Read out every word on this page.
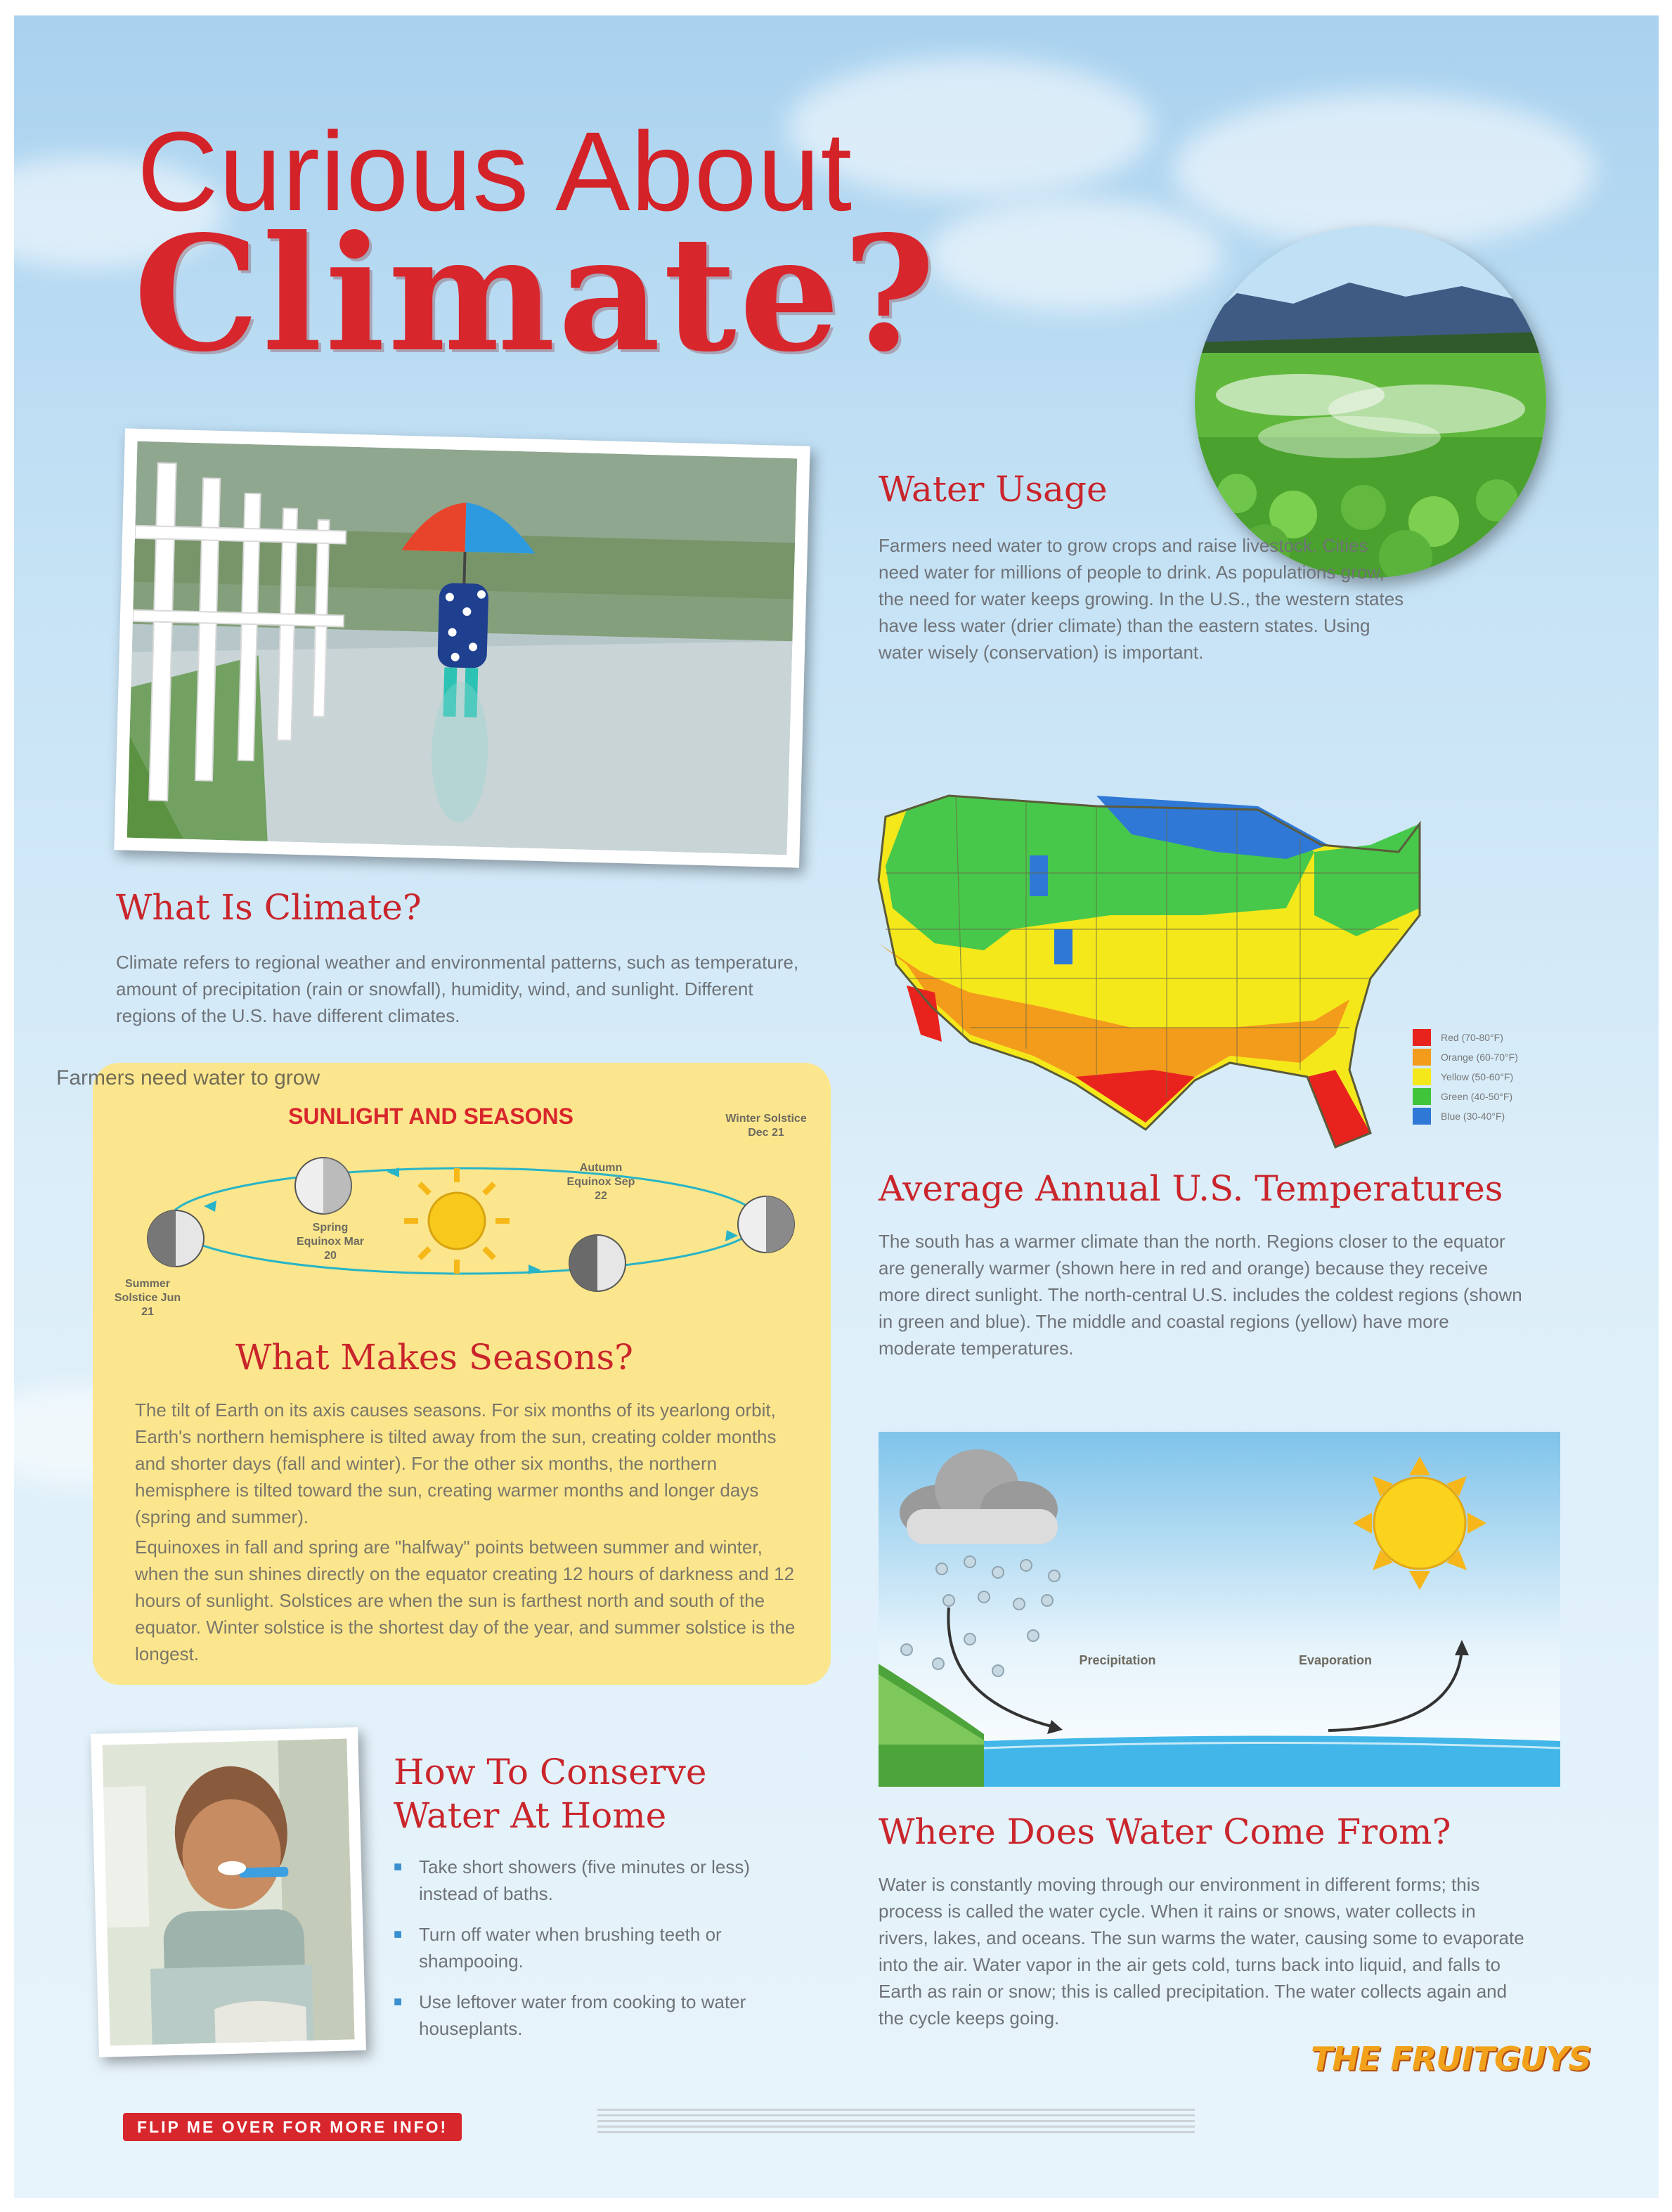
Curious About
Climate?
Water Usage
Farmers need water to grow crops and raise livestock. Cities need water for millions of people to drink. As populations grow, the need for water keeps growing. In the U.S., the western states have less water (drier climate) than the eastern states. Using water wisely (conservation) is important.
Red (70-80°F)
Orange (60-70°F)
Yellow (50-60°F)
Green (40-50°F)
Blue (30-40°F)
Average Annual U.S. Temperatures
The south has a warmer climate than the north. Regions closer to the equator are generally warmer (shown here in red and orange) because they receive more direct sunlight. The north-central U.S. includes the coldest regions (shown in green and blue). The middle and coastal regions (yellow) have more moderate temperatures.
What Is Climate?
Climate refers to regional weather and environmental patterns, such as temperature, amount of precipitation (rain or snowfall), humidity, wind, and sunlight. Different regions of the U.S. have different climates.
SUNLIGHT AND SEASONS	Winter Solstice Dec 21
Autumn Equinox Sep 22
Spring Equinox Mar 20
Summer Solstice Jun 21
What Makes Seasons?
The tilt of Earth on its axis causes seasons. For six months of its yearlong orbit, Earth's northern hemisphere is tilted away from the sun, creating colder months and shorter days (fall and winter). For the other six months, the northern hemisphere is tilted toward the sun, creating warmer months and longer days (spring and summer).
Equinoxes in fall and spring are "halfway" points between summer and winter, when the sun shines directly on the equator creating 12 hours of darkness and 12 hours of sunlight. Solstices are when the sun is farthest north and south of the equator. Winter solstice is the shortest day of the year, and summer solstice is the longest.
Farmers need water to grow
Precipitation	Evaporation
Where Does Water Come From?
Water is constantly moving through our environment in different forms; this process is called the water cycle. When it rains or snows, water collects in rivers, lakes, and oceans. The sun warms the water, causing some to evaporate into the air. Water vapor in the air gets cold, turns back into liquid, and falls to Earth as rain or snow; this is called precipitation. The water collects again and the cycle keeps going.
How To Conserve
Water At Home
■ Take short showers (five minutes or less) instead of baths.
■ Turn off water when brushing teeth or shampooing.
■ Use leftover water from cooking to water houseplants.
FLIP ME OVER FOR MORE INFO!
THE FRUITGUYS
